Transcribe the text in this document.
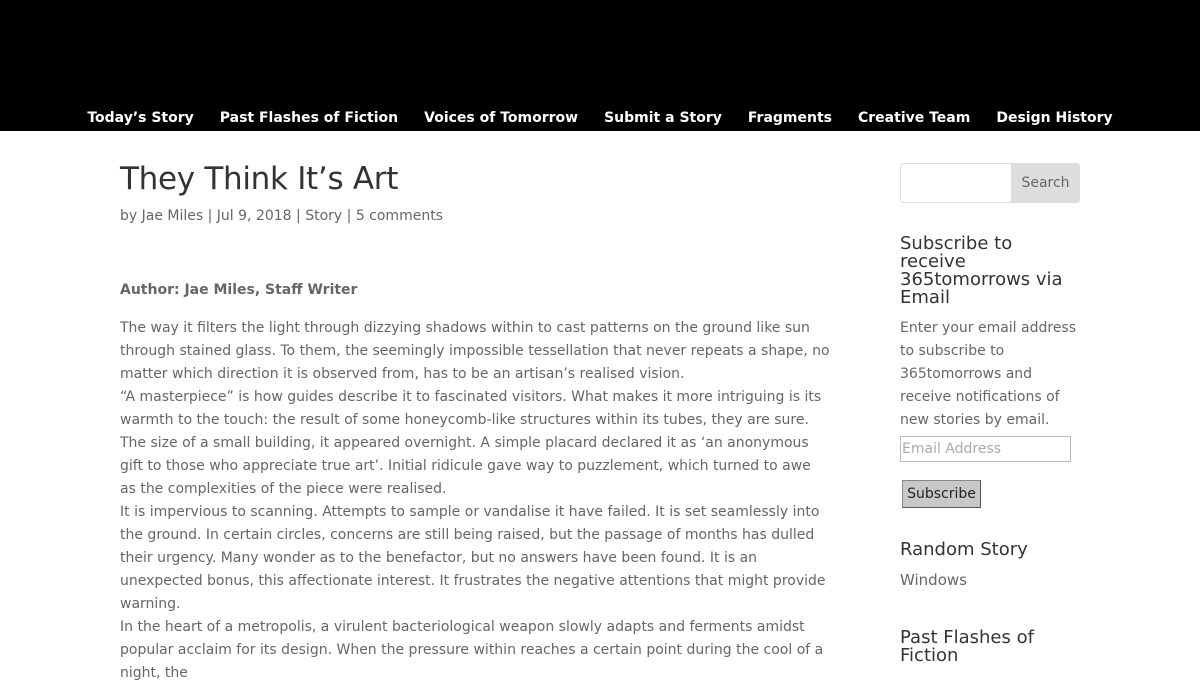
Today’s Story Past Flashes of Fiction Voices of Tomorrow Submit a Story Fragments Creative Team Design History
They Think It’s Art
by Jae Miles | Jul 9, 2018 | Story | 5 comments
Author: Jae Miles, Staff Writer

The way it filters the light through dizzying shadows within to cast patterns on the ground like sun through stained glass. To them, the seemingly impossible tessellation that never repeats a shape, no matter which direction it is observed from, has to be an artisan’s realised vision.

“A masterpiece” is how guides describe it to fascinated visitors. What makes it more intriguing is its warmth to the touch: the result of some honeycomb-like structures within its tubes, they are sure.

The size of a small building, it appeared overnight. A simple placard declared it as ‘an anonymous gift to those who appreciate true art’. Initial ridicule gave way to puzzlement, which turned to awe as the complexities of the piece were realised.

It is impervious to scanning. Attempts to sample or vandalise it have failed. It is set seamlessly into the ground. In certain circles, concerns are still being raised, but the passage of months has dulled their urgency. Many wonder as to the benefactor, but no answers have been found. It is an unexpected bonus, this affectionate interest. It frustrates the negative attentions that might provide warning.

In the heart of a metropolis, a virulent bacteriological weapon slowly adapts and ferments amidst popular acclaim for its design. When the pressure within reaches a certain point during the cool of a night, the

Search
Subscribe to receive 365tomorrows via Email
Enter your email address to subscribe to 365tomorrows and receive notifications of new stories by email.
Email Address
Subscribe
Random Story
Windows
Past Flashes of Fiction
